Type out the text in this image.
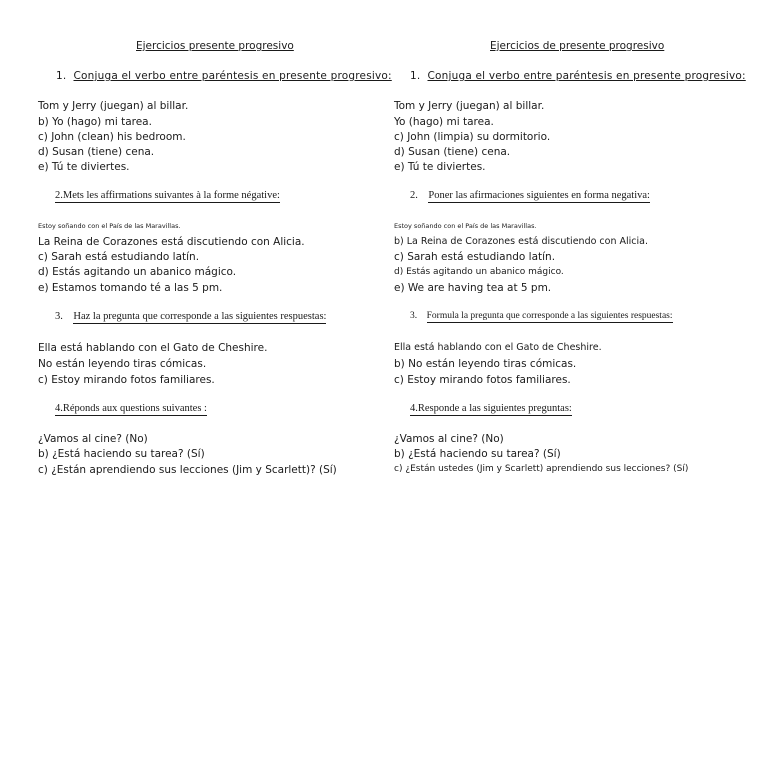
Ejercicios presente progresivo
1. Conjuga el verbo entre paréntesis en presente progresivo:
Tom y Jerry (juegan) al billar.
b) Yo (hago) mi tarea.
c) John (clean) his bedroom.
d) Susan (tiene) cena.
e) Tú te diviertes.
2.Mets les affirmations suivantes à la forme négative:
Estoy soñando con el País de las Maravillas.
La Reina de Corazones está discutiendo con Alicia.
c) Sarah está estudiando latín.
d) Estás agitando un abanico mágico.
e) Estamos tomando té a las 5 pm.
3. Haz la pregunta que corresponde a las siguientes respuestas:
Ella está hablando con el Gato de Cheshire.
No están leyendo tiras cómicas.
c) Estoy mirando fotos familiares.
4.Réponds aux questions suivantes :
¿Vamos al cine? (No)
b) ¿Está haciendo su tarea? (Sí)
c) ¿Están aprendiendo sus lecciones (Jim y Scarlett)? (Sí)
Ejercicios de presente progresivo
1. Conjuga el verbo entre paréntesis en presente progresivo:
Tom y Jerry (juegan) al billar.
Yo (hago) mi tarea.
c) John (limpia) su dormitorio.
d) Susan (tiene) cena.
e) Tú te diviertes.
2. Poner las afirmaciones siguientes en forma negativa:
Estoy soñando con el País de las Maravillas.
b) La Reina de Corazones está discutiendo con Alicia.
c) Sarah está estudiando latín.
d) Estás agitando un abanico mágico.
e) We are having tea at 5 pm.
3. Formula la pregunta que corresponde a las siguientes respuestas:
Ella está hablando con el Gato de Cheshire.
b) No están leyendo tiras cómicas.
c) Estoy mirando fotos familiares.
4.Responde a las siguientes preguntas:
¿Vamos al cine? (No)
b) ¿Está haciendo su tarea? (Sí)
c) ¿Están ustedes (Jim y Scarlett) aprendiendo sus lecciones? (Sí)
